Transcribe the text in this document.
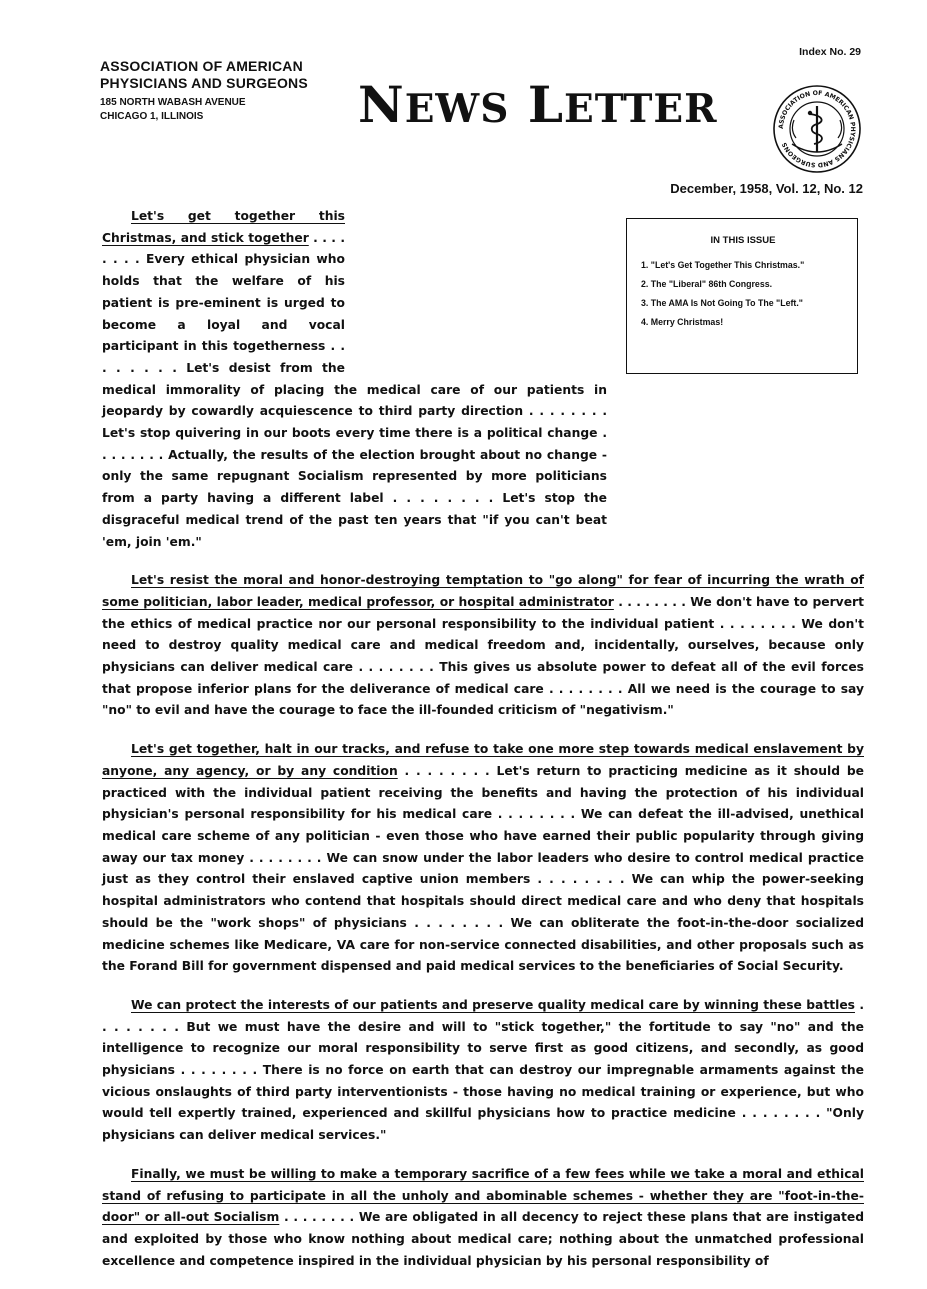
ASSOCIATION OF AMERICAN
PHYSICIANS AND SURGEONS
185 NORTH WABASH AVENUE
CHICAGO 1, ILLINOIS
Index No. 29
NEWS LETTER	ASSOCIATION OF AMERICAN PHYSICIANS AND SURGEONS
December, 1958, Vol. 12, No. 12
IN THIS ISSUE
1. "Let's Get Together This Christmas."
2. The "Liberal" 86th Congress.
3. The AMA Is Not Going To The "Left."
4. Merry Christmas!

Let's get together this Christmas, and stick together . . . . . . . . Every ethical physician who holds that the welfare of his patient is pre-eminent is urged to become a loyal and vocal participant in this togetherness . . . . . . . . Let's desist from the medical immorality of placing the medical care of our patients in jeopardy by cowardly acquiescence to third party direction . . . . . . . . Let's stop quivering in our boots every time there is a political change . . . . . . . . Actually, the results of the election brought about no change - only the same repugnant Socialism represented by more politicians from a party having a different label . . . . . . . . Let's stop the disgraceful medical trend of the past ten years that "if you can't beat 'em, join 'em."

Let's resist the moral and honor-destroying temptation to "go along" for fear of incurring the wrath of some politician, labor leader, medical professor, or hospital administrator . . . . . . . . We don't have to pervert the ethics of medical practice nor our personal responsibility to the individual patient . . . . . . . . We don't need to destroy quality medical care and medical freedom and, incidentally, ourselves, because only physicians can deliver medical care . . . . . . . . This gives us absolute power to defeat all of the evil forces that propose inferior plans for the deliverance of medical care . . . . . . . . All we need is the courage to say "no" to evil and have the courage to face the ill-founded criticism of "negativism."

Let's get together, halt in our tracks, and refuse to take one more step towards medical enslavement by anyone, any agency, or by any condition . . . . . . . . Let's return to practicing medicine as it should be practiced with the individual patient receiving the benefits and having the protection of his individual physician's personal responsibility for his medical care . . . . . . . . We can defeat the ill-advised, unethical medical care scheme of any politician - even those who have earned their public popularity through giving away our tax money . . . . . . . . We can snow under the labor leaders who desire to control medical practice just as they control their enslaved captive union members . . . . . . . . We can whip the power-seeking hospital administrators who contend that hospitals should direct medical care and who deny that hospitals should be the "work shops" of physicians . . . . . . . . We can obliterate the foot-in-the-door socialized medicine schemes like Medicare, VA care for non-service connected disabilities, and other proposals such as the Forand Bill for government dispensed and paid medical services to the beneficiaries of Social Security.

We can protect the interests of our patients and preserve quality medical care by winning these battles . . . . . . . . But we must have the desire and will to "stick together," the fortitude to say "no" and the intelligence to recognize our moral responsibility to serve first as good citizens, and secondly, as good physicians . . . . . . . . There is no force on earth that can destroy our impregnable armaments against the vicious onslaughts of third party interventionists - those having no medical training or experience, but who would tell expertly trained, experienced and skillful physicians how to practice medicine . . . . . . . . "Only physicians can deliver medical services."

Finally, we must be willing to make a temporary sacrifice of a few fees while we take a moral and ethical stand of refusing to participate in all the unholy and abominable schemes - whether they are "foot-in-the-door" or all-out Socialism . . . . . . . . We are obligated in all decency to reject these plans that are instigated and exploited by those who know nothing about medical care; nothing about the unmatched professional excellence and competence inspired in the individual physician by his personal responsibility of
